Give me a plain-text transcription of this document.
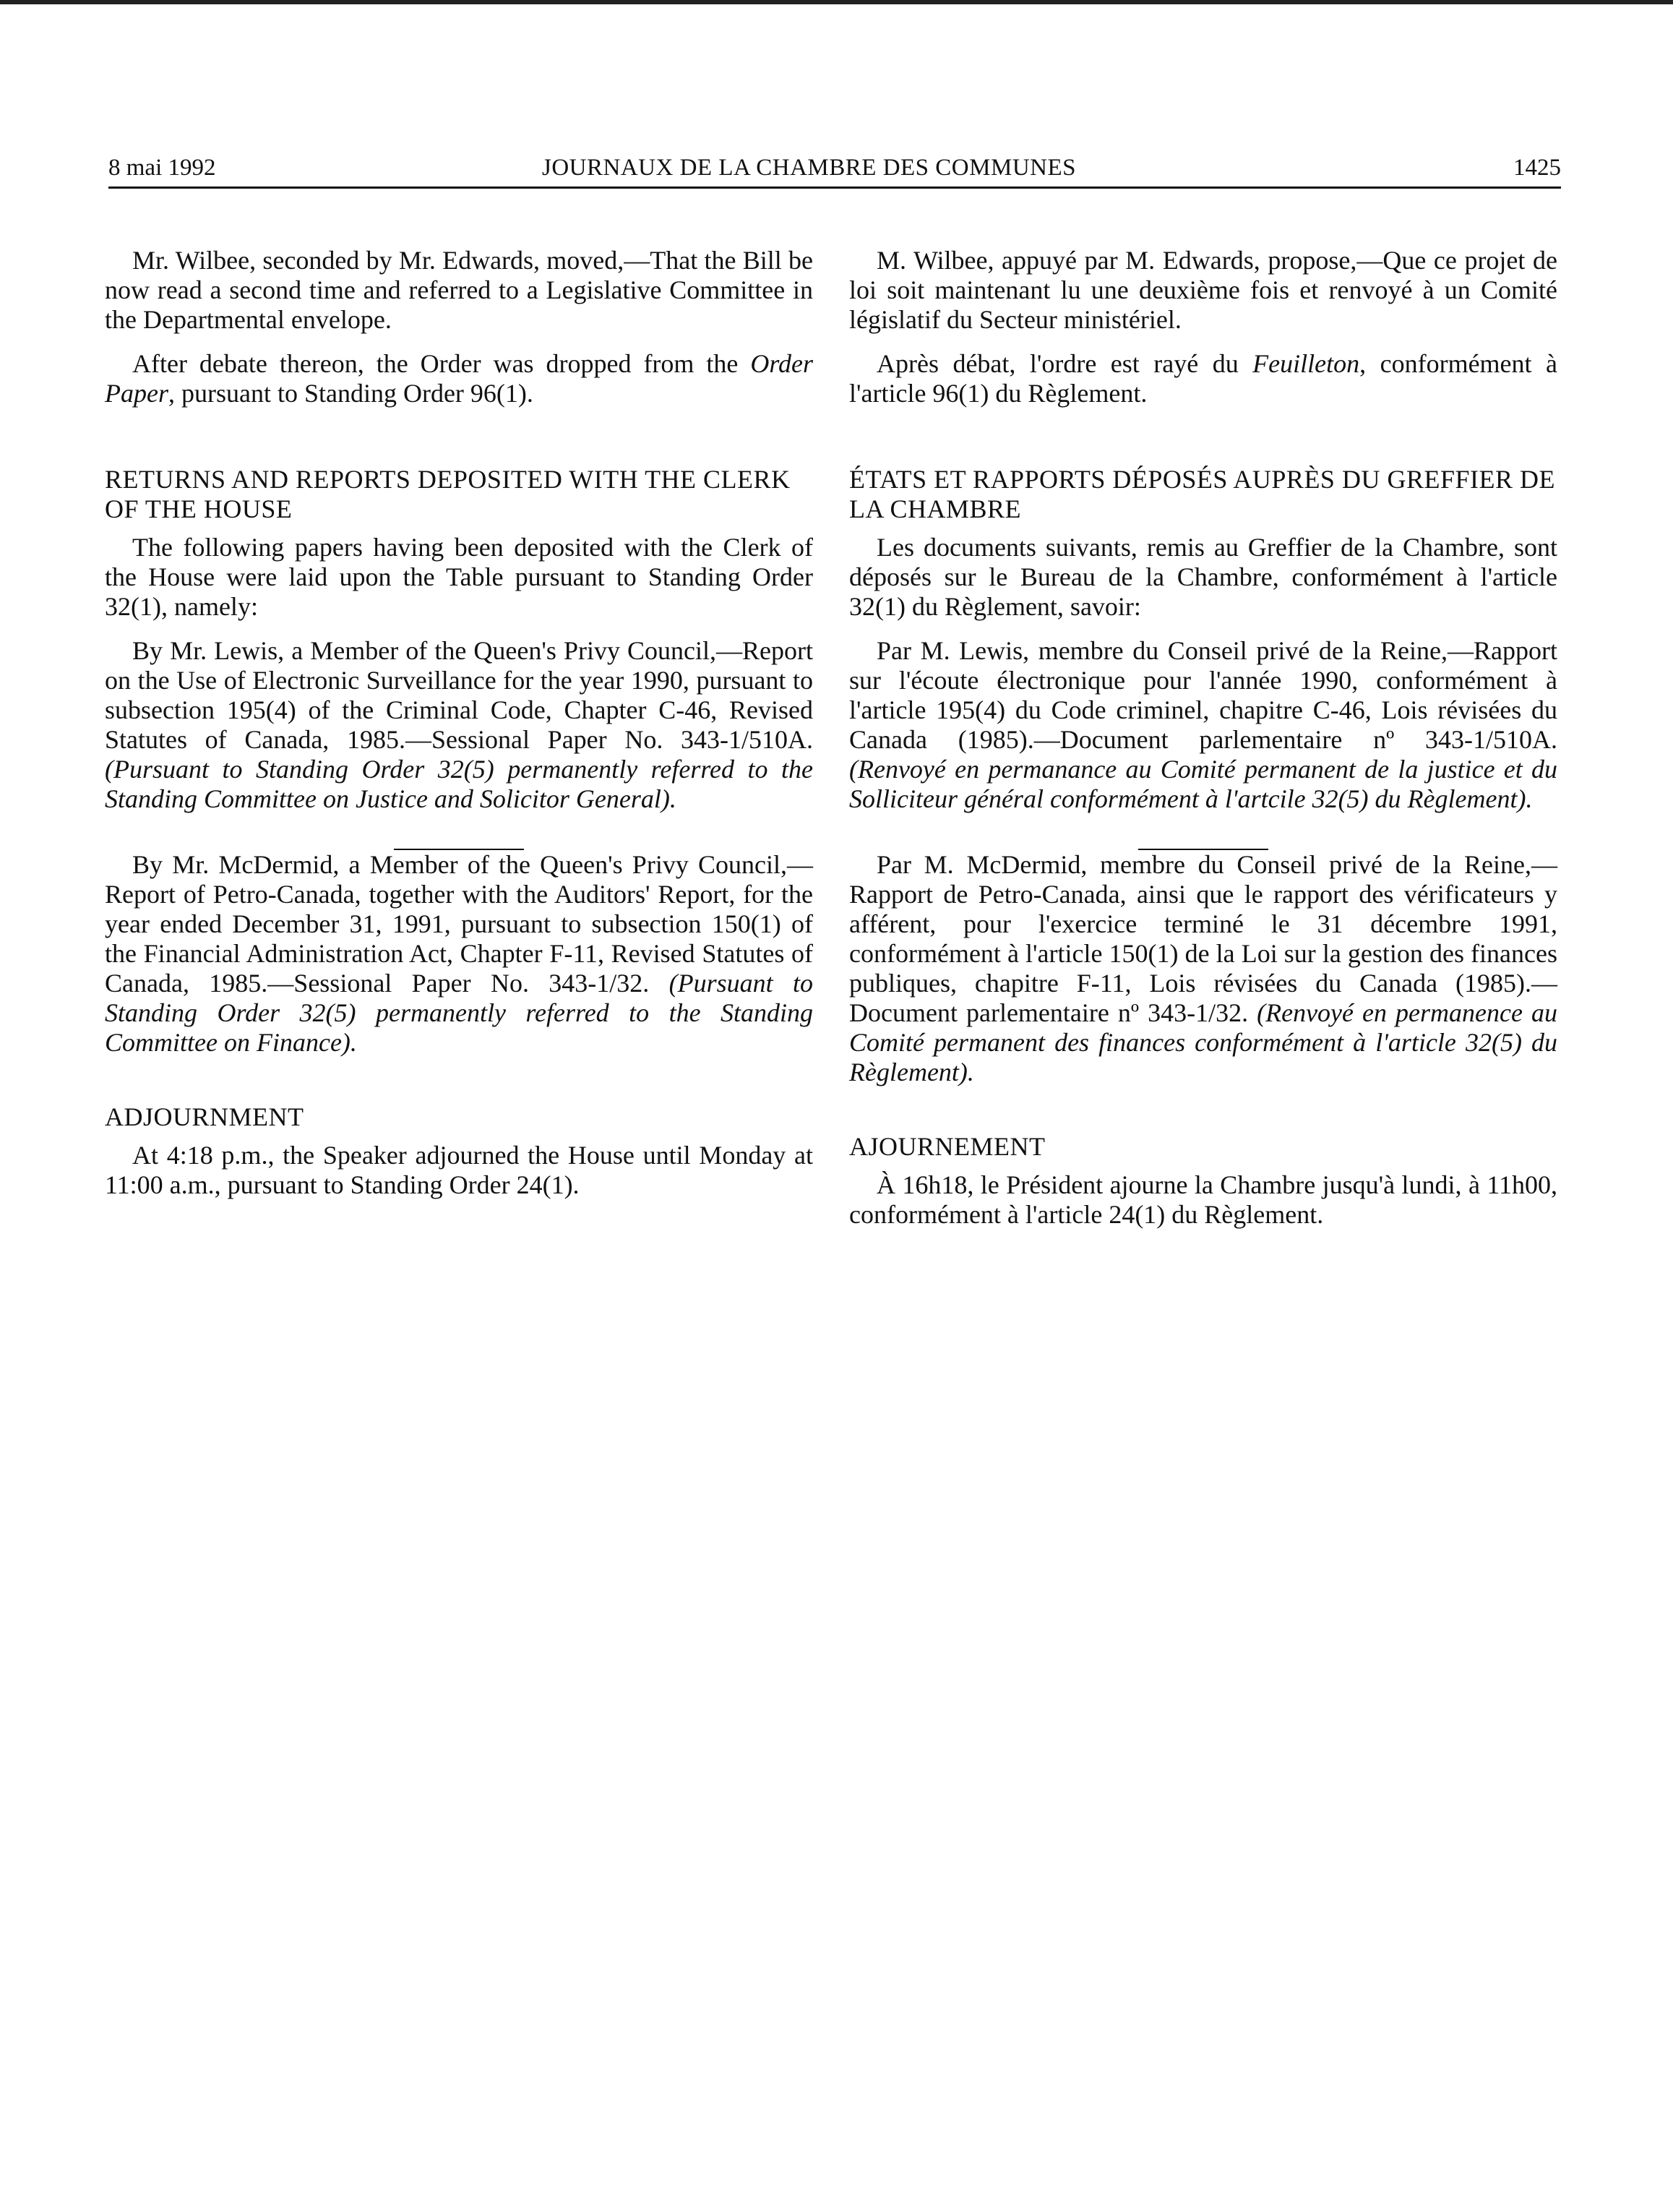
8 mai 1992	JOURNAUX DE LA CHAMBRE DES COMMUNES	1425

Mr. Wilbee, seconded by Mr. Edwards, moved,—That the Bill be now read a second time and referred to a Legislative Committee in the Departmental envelope.

After debate thereon, the Order was dropped from the Order Paper, pursuant to Standing Order 96(1).

RETURNS AND REPORTS DEPOSITED WITH THE CLERK OF THE HOUSE

The following papers having been deposited with the Clerk of the House were laid upon the Table pursuant to Standing Order 32(1), namely:

By Mr. Lewis, a Member of the Queen's Privy Council,—Report on the Use of Electronic Surveillance for the year 1990, pursuant to subsection 195(4) of the Criminal Code, Chapter C-46, Revised Statutes of Canada, 1985.—Sessional Paper No. 343-1/510A. (Pursuant to Standing Order 32(5) permanently referred to the Standing Committee on Justice and Solicitor General).

By Mr. McDermid, a Member of the Queen's Privy Council,—Report of Petro-Canada, together with the Auditors' Report, for the year ended December 31, 1991, pursuant to subsection 150(1) of the Financial Administration Act, Chapter F-11, Revised Statutes of Canada, 1985.—Sessional Paper No. 343-1/32. (Pursuant to Standing Order 32(5) permanently referred to the Standing Committee on Finance).

ADJOURNMENT

At 4:18 p.m., the Speaker adjourned the House until Monday at 11:00 a.m., pursuant to Standing Order 24(1).

M. Wilbee, appuyé par M. Edwards, propose,—Que ce projet de loi soit maintenant lu une deuxième fois et renvoyé à un Comité législatif du Secteur ministériel.

Après débat, l'ordre est rayé du Feuilleton, conformément à l'article 96(1) du Règlement.

ÉTATS ET RAPPORTS DÉPOSÉS AUPRÈS DU GREFFIER DE LA CHAMBRE

Les documents suivants, remis au Greffier de la Chambre, sont déposés sur le Bureau de la Chambre, conformément à l'article 32(1) du Règlement, savoir:

Par M. Lewis, membre du Conseil privé de la Reine,—Rapport sur l'écoute électronique pour l'année 1990, conformément à l'article 195(4) du Code criminel, chapitre C-46, Lois révisées du Canada (1985).—Document parlementaire nº 343-1/510A. (Renvoyé en permanance au Comité permanent de la justice et du Solliciteur général conformément à l'artcile 32(5) du Règlement).

Par M. McDermid, membre du Conseil privé de la Reine,—Rapport de Petro-Canada, ainsi que le rapport des vérificateurs y afférent, pour l'exercice terminé le 31 décembre 1991, conformément à l'article 150(1) de la Loi sur la gestion des finances publiques, chapitre F-11, Lois révisées du Canada (1985).—Document parlementaire nº 343-1/32. (Renvoyé en permanence au Comité permanent des finances conformément à l'article 32(5) du Règlement).

AJOURNEMENT

À 16h18, le Président ajourne la Chambre jusqu'à lundi, à 11h00, conformément à l'article 24(1) du Règlement.
